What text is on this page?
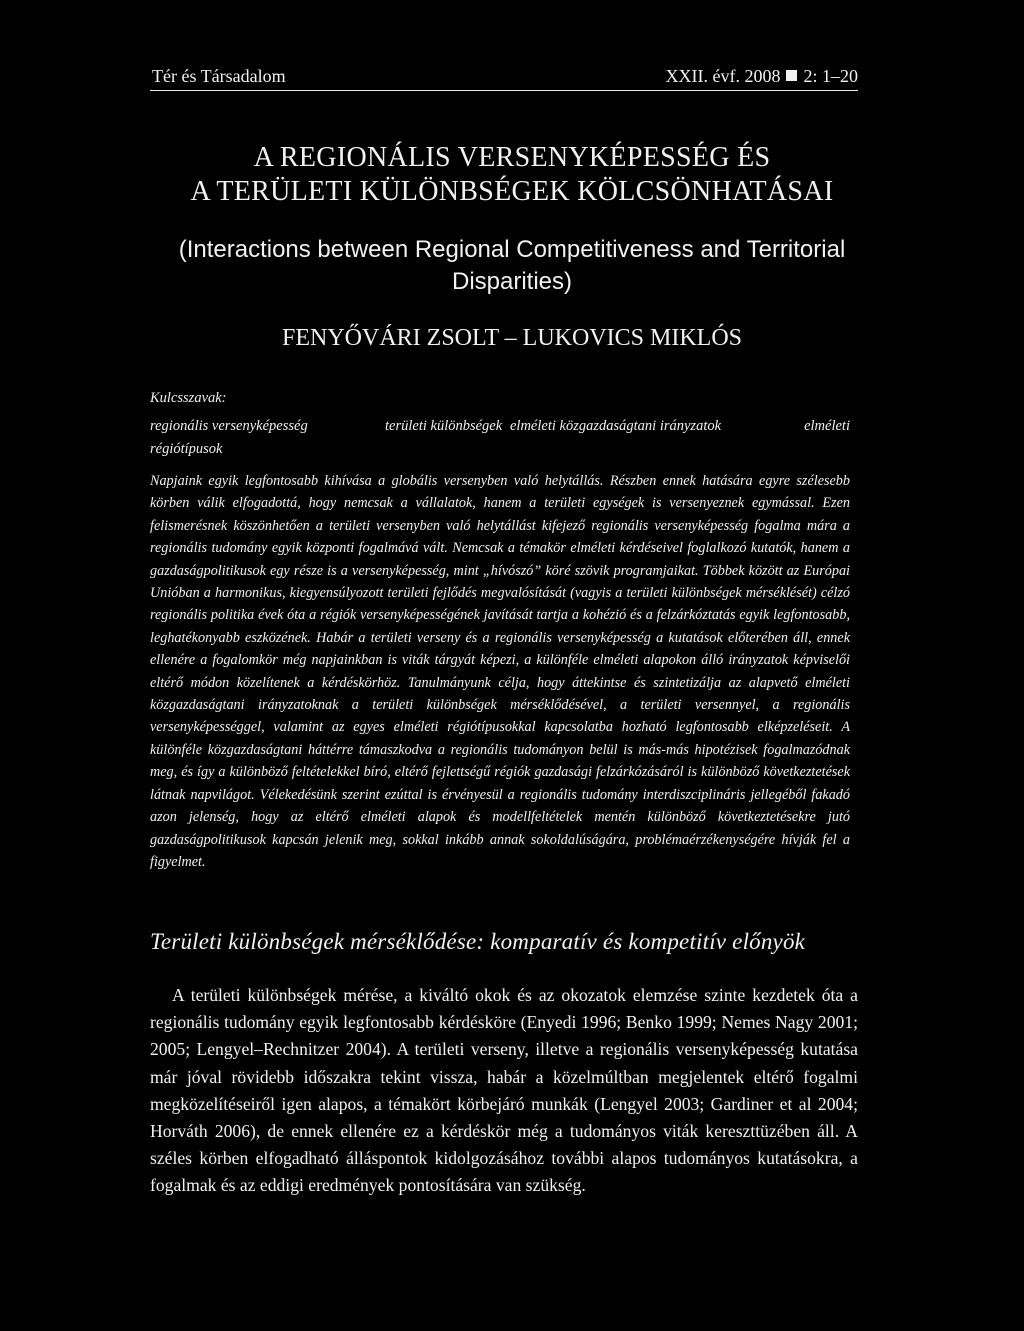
Tér és Társadalom	XXII. évf. 2008 2: 1–20
A REGIONÁLIS VERSENYKÉPESSÉG ÉS
A TERÜLETI KÜLÖNBSÉGEK KÖLCSÖNHATÁSAI
(Interactions between Regional Competitiveness and Territorial
Disparities)
FENYŐVÁRI ZSOLT – LUKOVICS MIKLÓS
Kulcsszavak:
regionális versenyképesség	területi különbségek elméleti közgazdaságtani irányzatok	elméleti
régiótípusok

Napjaink egyik legfontosabb kihívása a globális versenyben való helytállás. Részben ennek hatására egyre szélesebb körben válik elfogadottá, hogy nemcsak a vállalatok, hanem a területi egységek is versenyeznek egymással. Ezen felismerésnek köszönhetően a területi versenyben való helytállást kifejező regionális versenyképesség fogalma mára a regionális tudomány egyik központi fogalmává vált. Nemcsak a témakör elméleti kérdéseivel foglalkozó kutatók, hanem a gazdaságpolitikusok egy része is a versenyképesség, mint „hívószó” köré szövik programjaikat. Többek között az Európai Unióban a harmonikus, kiegyensúlyozott területi fejlődés megvalósítását (vagyis a területi különbségek mérséklését) célzó regionális politika évek óta a régiók versenyképességének javítását tartja a kohézió és a felzárkóztatás egyik legfontosabb, leghatékonyabb eszközének. Habár a területi verseny és a regionális versenyképesség a kutatások előterében áll, ennek ellenére a fogalomkör még napjainkban is viták tárgyát képezi, a különféle elméleti alapokon álló irányzatok képviselői eltérő módon közelítenek a kérdéskörhöz. Tanulmányunk célja, hogy áttekintse és szintetizálja az alapvető elméleti közgazdaságtani irányzatoknak a területi különbségek mérséklődésével, a területi versennyel, a regionális versenyképességgel, valamint az egyes elméleti régiótípusokkal kapcsolatba hozható legfontosabb elképzeléseit. A különféle közgazdaságtani háttérre támaszkodva a regionális tudományon belül is más-más hipotézisek fogalmazódnak meg, és így a különböző feltételekkel bíró, eltérő fejlettségű régiók gazdasági felzárkózásáról is különböző következtetések látnak napvilágot. Vélekedésünk szerint ezúttal is érvényesül a regionális tudomány interdiszciplináris jellegéből fakadó azon jelenség, hogy az eltérő elméleti alapok és modellfeltételek mentén különböző következtetésekre jutó gazdaságpolitikusok kapcsán jelenik meg, sokkal inkább annak sokoldalúságára, problémaérzékenységére hívják fel a figyelmet.

Területi különbségek mérséklődése: komparatív és kompetitív előnyök

A területi különbségek mérése, a kiváltó okok és az okozatok elemzése szinte kezdetek óta a regionális tudomány egyik legfontosabb kérdésköre (Enyedi 1996; Benko 1999; Nemes Nagy 2001; 2005; Lengyel–Rechnitzer 2004). A területi verseny, illetve a regionális versenyképesség kutatása már jóval rövidebb időszakra tekint vissza, habár a közelmúltban megjelentek eltérő fogalmi megközelítéseiről igen alapos, a témakört körbejáró munkák (Lengyel 2003; Gardiner et al 2004; Horváth 2006), de ennek ellenére ez a kérdéskör még a tudományos viták kereszttüzében áll. A széles körben elfogadható álláspontok kidolgozásához további alapos tudományos kutatásokra, a fogalmak és az eddigi eredmények pontosítására van szükség.
